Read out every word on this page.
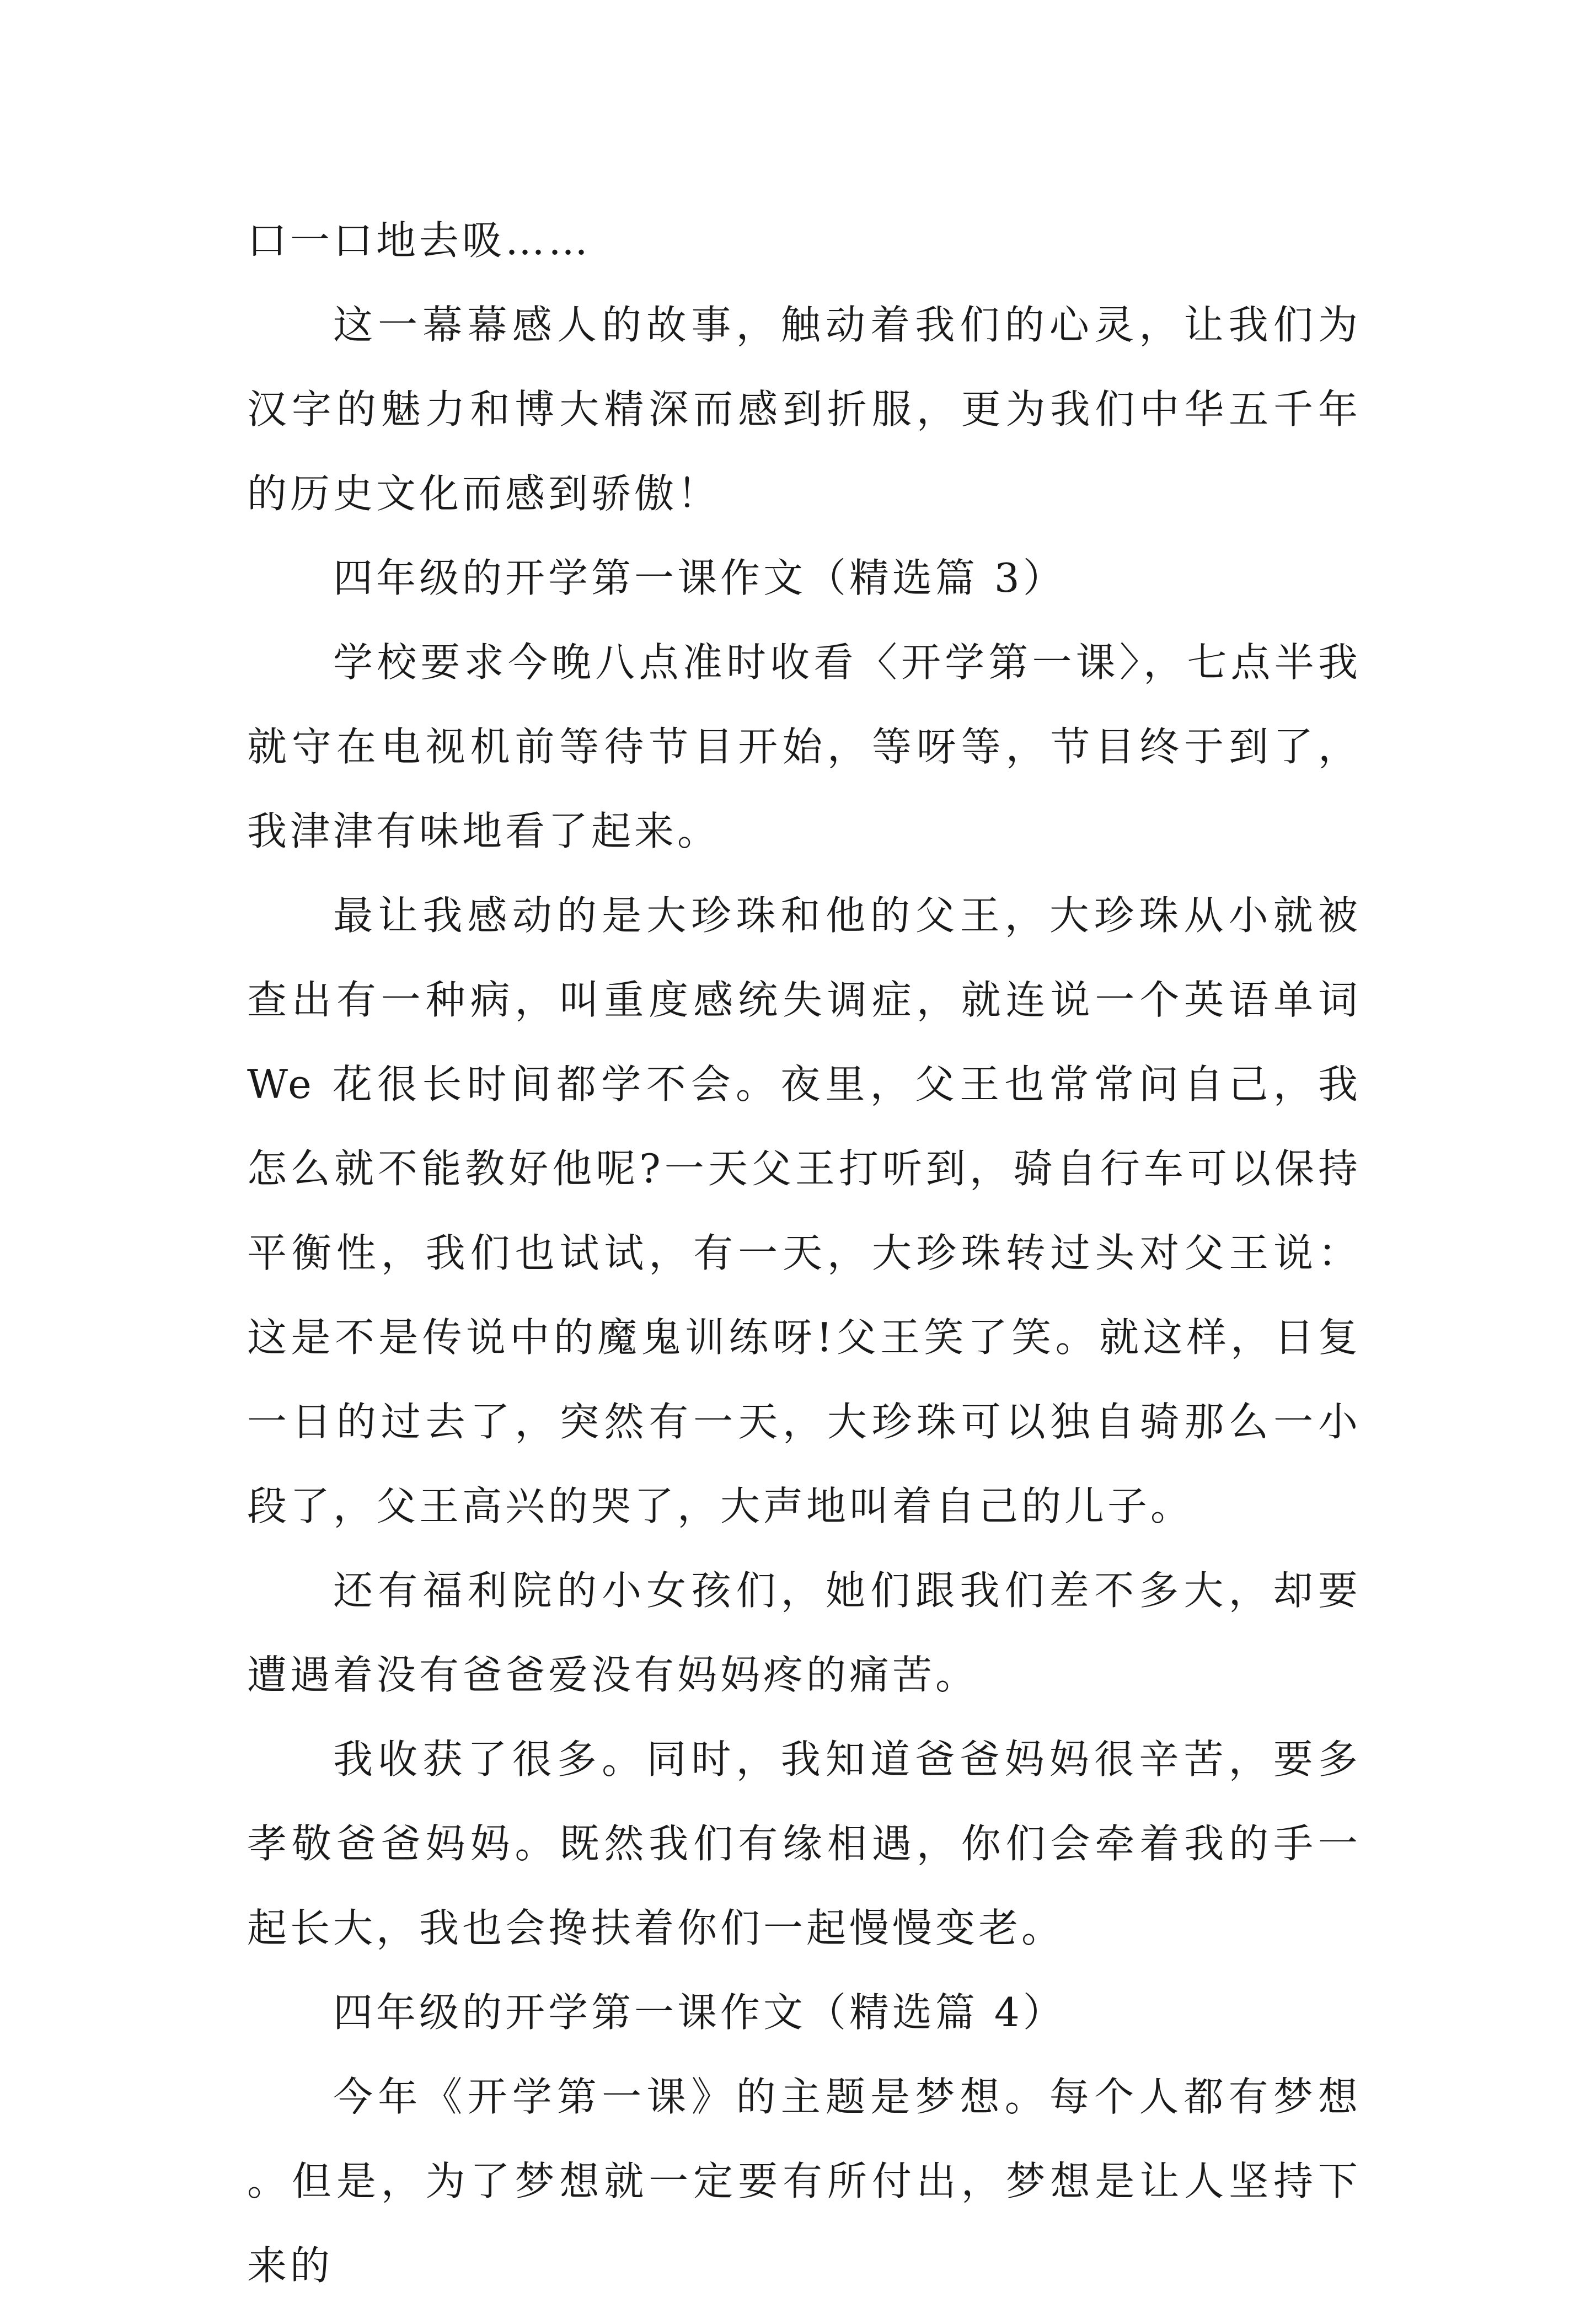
口一口地去吸……

这一幕幕感人的故事，触动着我们的心灵，让我们为汉字的魅力和博大精深而感到折服，更为我们中华五千年的历史文化而感到骄傲！

四年级的开学第一课作文（精选篇 3）

学校要求今晚八点准时收看〈开学第一课〉，七点半我就守在电视机前等待节目开始，等呀等，节目终于到了，我津津有味地看了起来。

最让我感动的是大珍珠和他的父王，大珍珠从小就被查出有一种病，叫重度感统失调症，就连说一个英语单词 We 花很长时间都学不会。夜里，父王也常常问自己，我怎么就不能教好他呢?一天父王打听到，骑自行车可以保持平衡性，我们也试试，有一天，大珍珠转过头对父王说：这是不是传说中的魔鬼训练呀!父王笑了笑。就这样，日复一日的过去了，突然有一天，大珍珠可以独自骑那么一小段了，父王高兴的哭了，大声地叫着自己的儿子。

还有福利院的小女孩们，她们跟我们差不多大，却要遭遇着没有爸爸爱没有妈妈疼的痛苦。

我收获了很多。同时，我知道爸爸妈妈很辛苦，要多孝敬爸爸妈妈。既然我们有缘相遇，你们会牵着我的手一起长大，我也会搀扶着你们一起慢慢变老。

四年级的开学第一课作文（精选篇 4）

今年《开学第一课》的主题是梦想。每个人都有梦想。但是，为了梦想就一定要有所付出，梦想是让人坚持下来的
